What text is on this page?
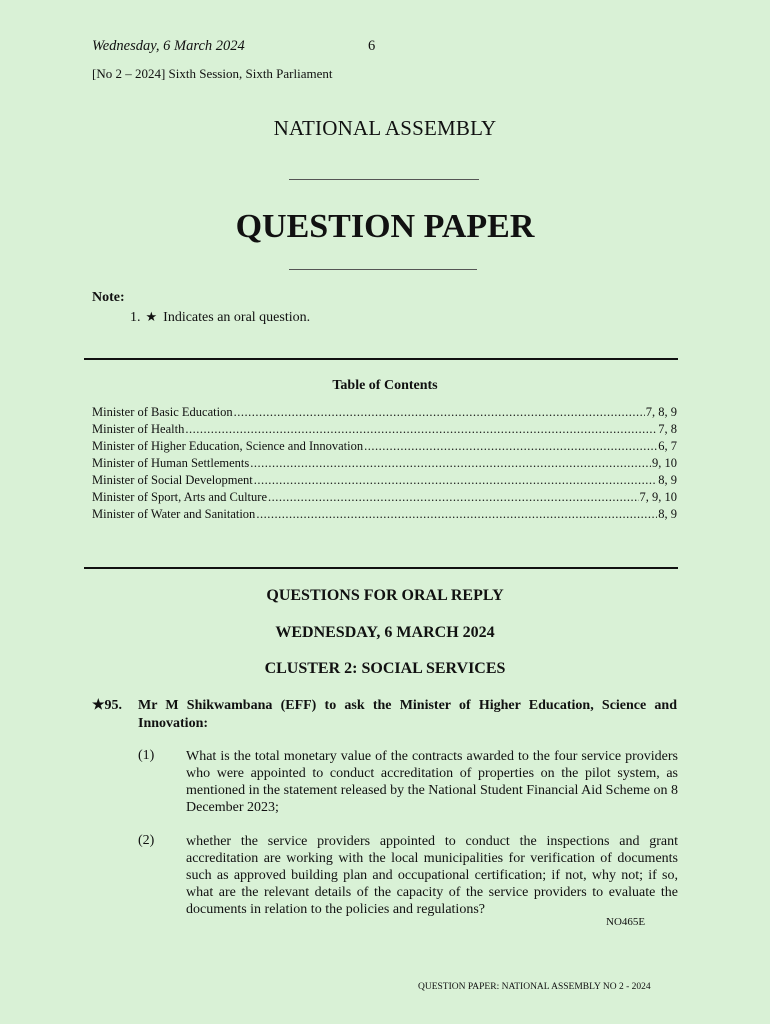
Wednesday, 6 March 2024	6
[No 2 – 2024] Sixth Session, Sixth Parliament
NATIONAL ASSEMBLY
QUESTION PAPER
Note:
1. ★ Indicates an oral question.
Table of Contents
Minister of Basic Education .....	7, 8, 9
Minister of Health .....	7, 8
Minister of Higher Education, Science and Innovation .....	6, 7
Minister of Human Settlements .....	9, 10
Minister of Social Development .....	8, 9
Minister of Sport, Arts and Culture .....	7, 9, 10
Minister of Water and Sanitation .....	8, 9
QUESTIONS FOR ORAL REPLY
WEDNESDAY, 6 MARCH 2024
CLUSTER 2: SOCIAL SERVICES
★95. Mr M Shikwambana (EFF) to ask the Minister of Higher Education, Science and Innovation:
(1) What is the total monetary value of the contracts awarded to the four service providers who were appointed to conduct accreditation of properties on the pilot system, as mentioned in the statement released by the National Student Financial Aid Scheme on 8 December 2023;
(2) whether the service providers appointed to conduct the inspections and grant accreditation are working with the local municipalities for verification of documents such as approved building plan and occupational certification; if not, why not; if so, what are the relevant details of the capacity of the service providers to evaluate the documents in relation to the policies and regulations?
NO465E
QUESTION PAPER: NATIONAL ASSEMBLY NO 2 - 2024
